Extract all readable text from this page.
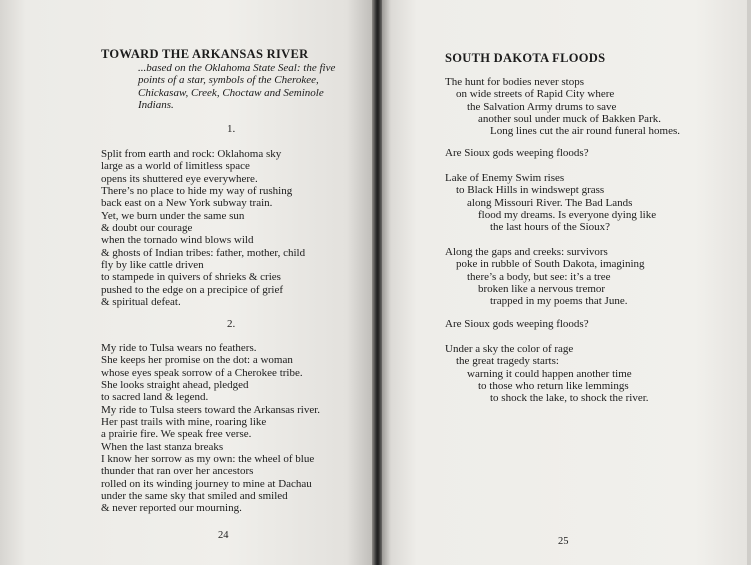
TOWARD THE ARKANSAS RIVER
...based on the Oklahoma State Seal: the five
points of a star, symbols of the Cherokee,
Chickasaw, Creek, Choctaw and Seminole
Indians.

1.

Split from earth and rock: Oklahoma sky
large as a world of limitless space
opens its shuttered eye everywhere.
There’s no place to hide my way of rushing
back east on a New York subway train.
Yet, we burn under the same sun
& doubt our courage
when the tornado wind blows wild
& ghosts of Indian tribes: father, mother, child
fly by like cattle driven
to stampede in quivers of shrieks & cries
pushed to the edge on a precipice of grief
& spiritual defeat.

2.

My ride to Tulsa wears no feathers.
She keeps her promise on the dot: a woman
whose eyes speak sorrow of a Cherokee tribe.
She looks straight ahead, pledged
to sacred land & legend.
My ride to Tulsa steers toward the Arkansas river.
Her past trails with mine, roaring like
a prairie fire. We speak free verse.
When the last stanza breaks
I know her sorrow as my own: the wheel of blue
thunder that ran over her ancestors
rolled on its winding journey to mine at Dachau
under the same sky that smiled and smiled
& never reported our mourning.

24

SOUTH DAKOTA FLOODS
The hunt for bodies never stops
on wide streets of Rapid City where
the Salvation Army drums to save
another soul under muck of Bakken Park.
Long lines cut the air round funeral homes.

Are Sioux gods weeping floods?

Lake of Enemy Swim rises
to Black Hills in windswept grass
along Missouri River. The Bad Lands
flood my dreams. Is everyone dying like
the last hours of the Sioux?
Along the gaps and creeks: survivors
poke in rubble of South Dakota, imagining
there’s a body, but see: it’s a tree
broken like a nervous tremor
trapped in my poems that June.

Are Sioux gods weeping floods?

Under a sky the color of rage
the great tragedy starts:
warning it could happen another time
to those who return like lemmings
to shock the lake, to shock the river.

25
